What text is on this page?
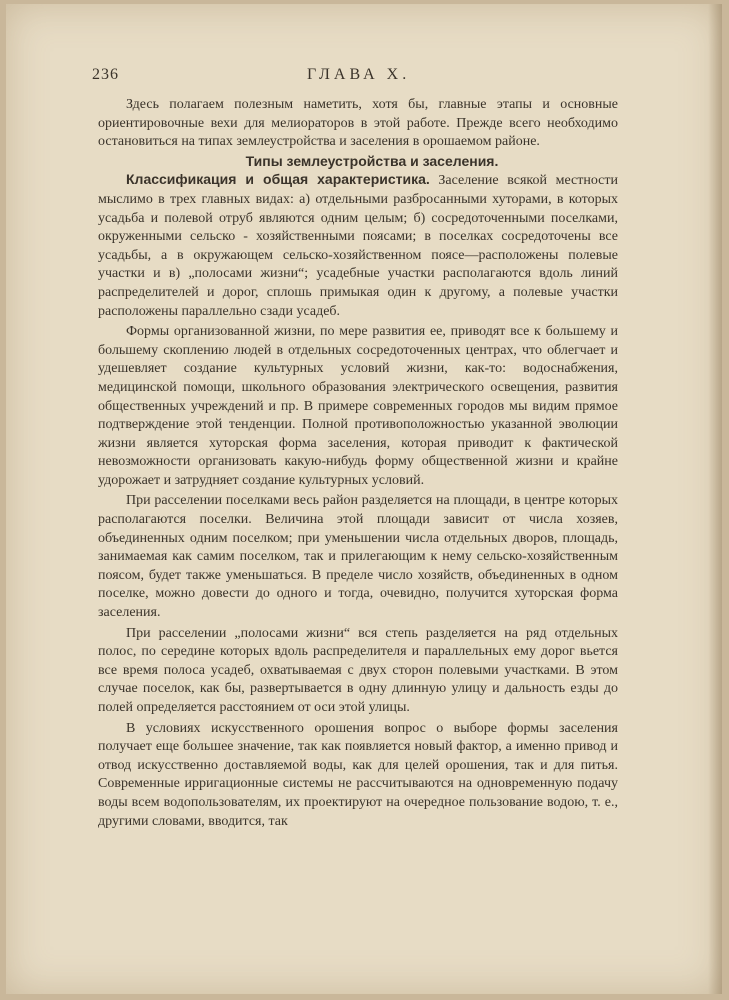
236	ГЛАВА X.

Здесь полагаем полезным наметить, хотя бы, главные этапы и основные ориентировочные вехи для мелиораторов в этой работе. Прежде всего необходимо остановиться на типах землеустройства и заселения в орошаемом районе.

Типы землеустройства и заселения.

Классификация и общая характеристика. Заселение всякой местности мыслимо в трех главных видах: а) отдельными разбросанными хуторами, в которых усадьба и полевой отруб являются одним целым; б) сосредоточенными поселками, окруженными сельско - хозяйственными поясами; в поселках сосредоточены все усадьбы, а в окружающем сельско-хозяйственном поясе—расположены полевые участки и в) „полосами жизни“; усадебные участки располагаются вдоль линий распределителей и дорог, сплошь примыкая один к другому, а полевые участки расположены параллельно сзади усадеб.

Формы организованной жизни, по мере развития ее, приводят все к большему и большему скоплению людей в отдельных сосредоточенных центрах, что облегчает и удешевляет создание культурных условий жизни, как-то: водоснабжения, медицинской помощи, школьного образования электрического освещения, развития общественных учреждений и пр. В примере современных городов мы видим прямое подтверждение этой тенденции. Полной противоположностью указанной эволюции жизни является хуторская форма заселения, которая приводит к фактической невозможности организовать какую-нибудь форму общественной жизни и крайне удорожает и затрудняет создание культурных условий.

При расселении поселками весь район разделяется на площади, в центре которых располагаются поселки. Величина этой площади зависит от числа хозяев, объединенных одним поселком; при уменьшении числа отдельных дворов, площадь, занимаемая как самим поселком, так и прилегающим к нему сельско-хозяйственным поясом, будет также уменьшаться. В пределе число хозяйств, объединенных в одном поселке, можно довести до одного и тогда, очевидно, получится хуторская форма заселения.

При расселении „полосами жизни“ вся степь разделяется на ряд отдельных полос, по середине которых вдоль распределителя и параллельных ему дорог вьется все время полоса усадеб, охватываемая с двух сторон полевыми участками. В этом случае поселок, как бы, развертывается в одну длинную улицу и дальность езды до полей определяется расстоянием от оси этой улицы.

В условиях искусственного орошения вопрос о выборе формы заселения получает еще большее значение, так как появляется новый фактор, а именно привод и отвод искусственно доставляемой воды, как для целей орошения, так и для питья. Современные ирригационные системы не рассчитываются на одновременную подачу воды всем водопользователям, их проектируют на очередное пользование водою, т. е., другими словами, вводится, так
